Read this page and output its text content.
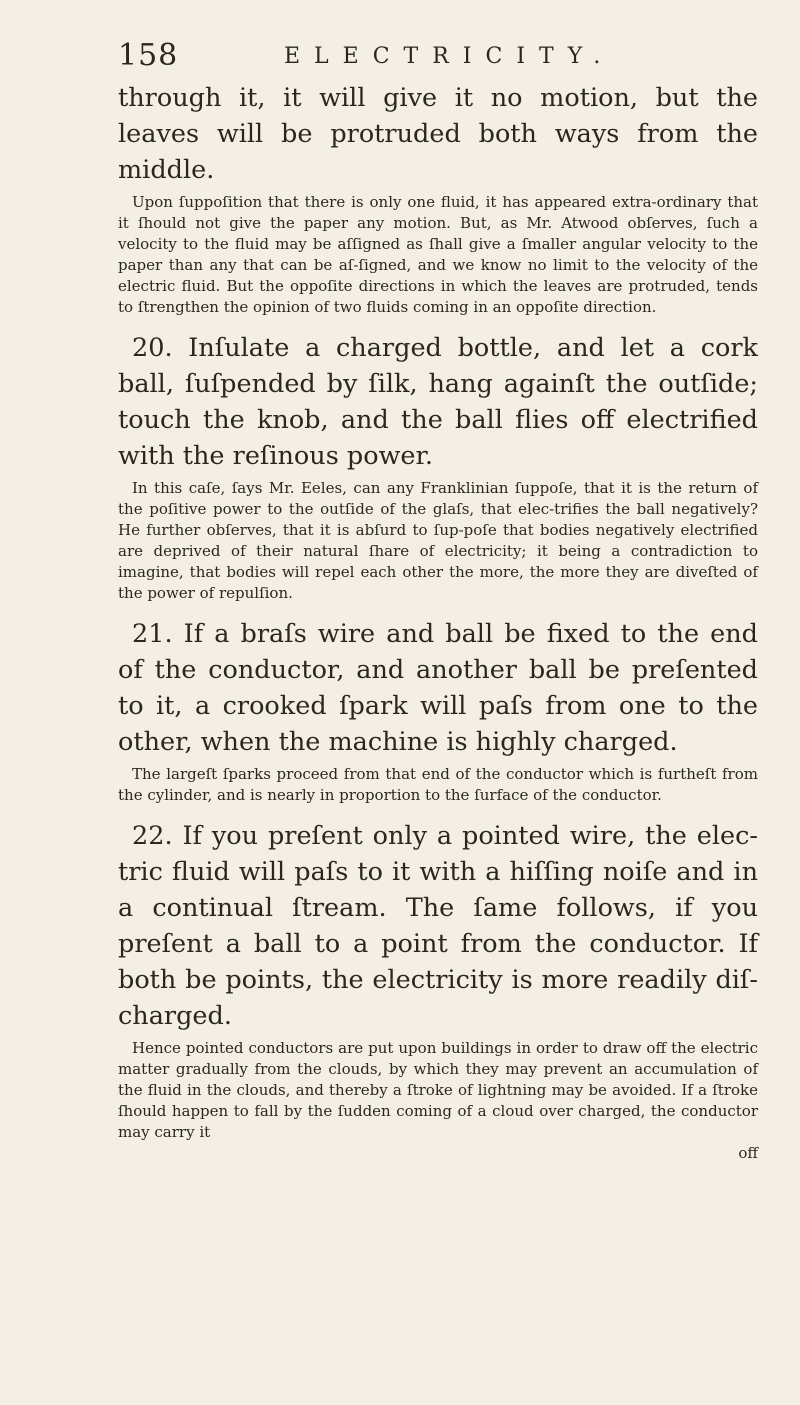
158	ELECTRICITY.

through it, it will give it no motion, but the leaves will be protruded both ways from the middle.

Upon ſuppoſition that there is only one fluid, it has appeared extra-ordinary that it ſhould not give the paper any motion. But, as Mr. Atwood obſerves, ſuch a velocity to the fluid may be aſſigned as ſhall give a ſmaller angular velocity to the paper than any that can be aſ-ſigned, and we know no limit to the velocity of the electric fluid. But the oppoſite directions in which the leaves are protruded, tends to ſtrengthen the opinion of two fluids coming in an oppoſite direction.

20. Inſulate a charged bottle, and let a cork ball, ſuſpended by ſilk, hang againſt the outſide; touch the knob, and the ball flies off electrified with the reſinous power.

In this caſe, ſays Mr. Eeles, can any Franklinian ſuppoſe, that it is the return of the poſitive power to the outſide of the glaſs, that elec-trifies the ball negatively? He further obſerves, that it is abſurd to ſup-poſe that bodies negatively electrified are deprived of their natural ſhare of electricity; it being a contradiction to imagine, that bodies will repel each other the more, the more they are diveſted of the power of repulſion.

21. If a braſs wire and ball be fixed to the end of the conductor, and another ball be preſented to it, a crooked ſpark will paſs from one to the other, when the machine is highly charged.

The largeſt ſparks proceed from that end of the conductor which is furtheſt from the cylinder, and is nearly in proportion to the ſurface of the conductor.

22. If you preſent only a pointed wire, the elec-tric fluid will paſs to it with a hiſſing noiſe and in a continual ſtream. The ſame follows, if you preſent a ball to a point from the conductor. If both be points, the electricity is more readily diſ-charged.

Hence pointed conductors are put upon buildings in order to draw off the electric matter gradually from the clouds, by which they may prevent an accumulation of the fluid in the clouds, and thereby a ſtroke of lightning may be avoided. If a ſtroke ſhould happen to fall by the ſudden coming of a cloud over charged, the conductor may carry it

off
